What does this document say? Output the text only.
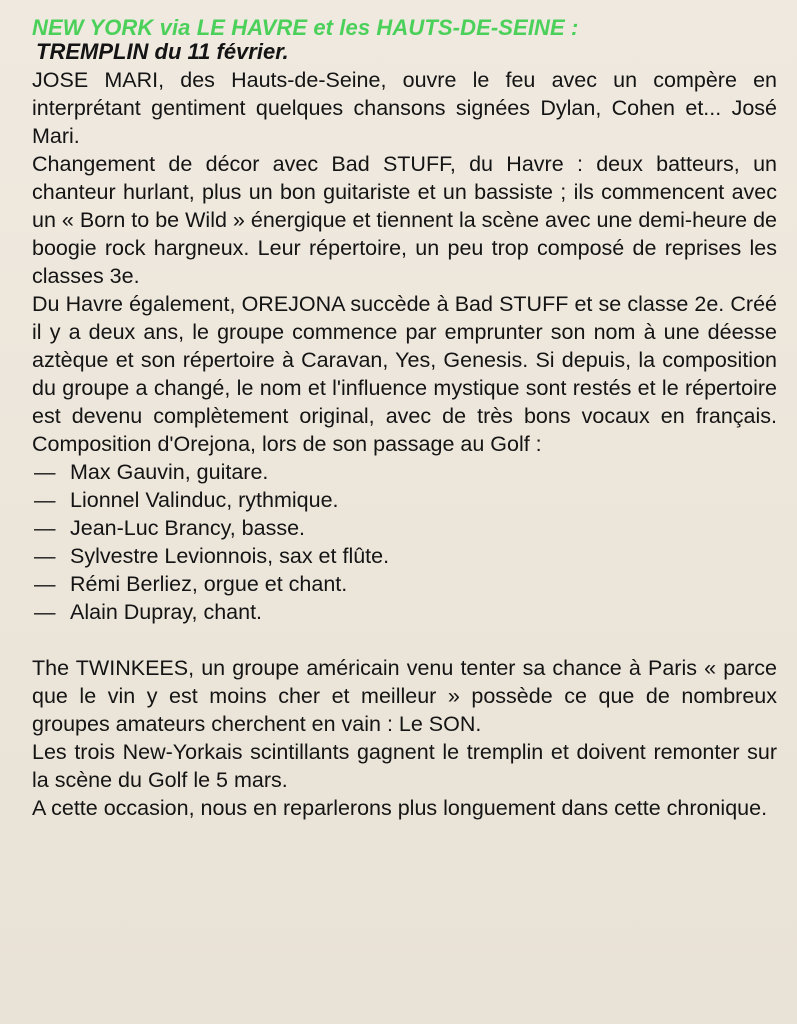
NEW YORK via LE HAVRE et les HAUTS-DE-SEINE :
TREMPLIN du 11 février.

JOSE MARI, des Hauts-de-Seine, ouvre le feu avec un compère en interprétant gentiment quelques chansons signées Dylan, Cohen et... José Mari.

Changement de décor avec Bad STUFF, du Havre : deux batteurs, un chanteur hurlant, plus un bon guitariste et un bassiste ; ils commencent avec un « Born to be Wild » énergique et tiennent la scène avec une demi-heure de boogie rock hargneux. Leur répertoire, un peu trop composé de reprises les classes 3e.

Du Havre également, OREJONA succède à Bad STUFF et se classe 2e. Créé il y a deux ans, le groupe commence par emprunter son nom à une déesse aztèque et son répertoire à Caravan, Yes, Genesis. Si depuis, la composition du groupe a changé, le nom et l'influence mystique sont restés et le répertoire est devenu complètement original, avec de très bons vocaux en français. Composition d'Orejona, lors de son passage au Golf :

— Max Gauvin, guitare.
— Lionnel Valinduc, rythmique.
— Jean-Luc Brancy, basse.
— Sylvestre Levionnois, sax et flûte.
— Rémi Berliez, orgue et chant.
— Alain Dupray, chant.

The TWINKEES, un groupe américain venu tenter sa chance à Paris « parce que le vin y est moins cher et meilleur » possède ce que de nombreux groupes amateurs cherchent en vain : Le SON.

Les trois New-Yorkais scintillants gagnent le tremplin et doivent remonter sur la scène du Golf le 5 mars.

A cette occasion, nous en reparlerons plus longuement dans cette chronique.
